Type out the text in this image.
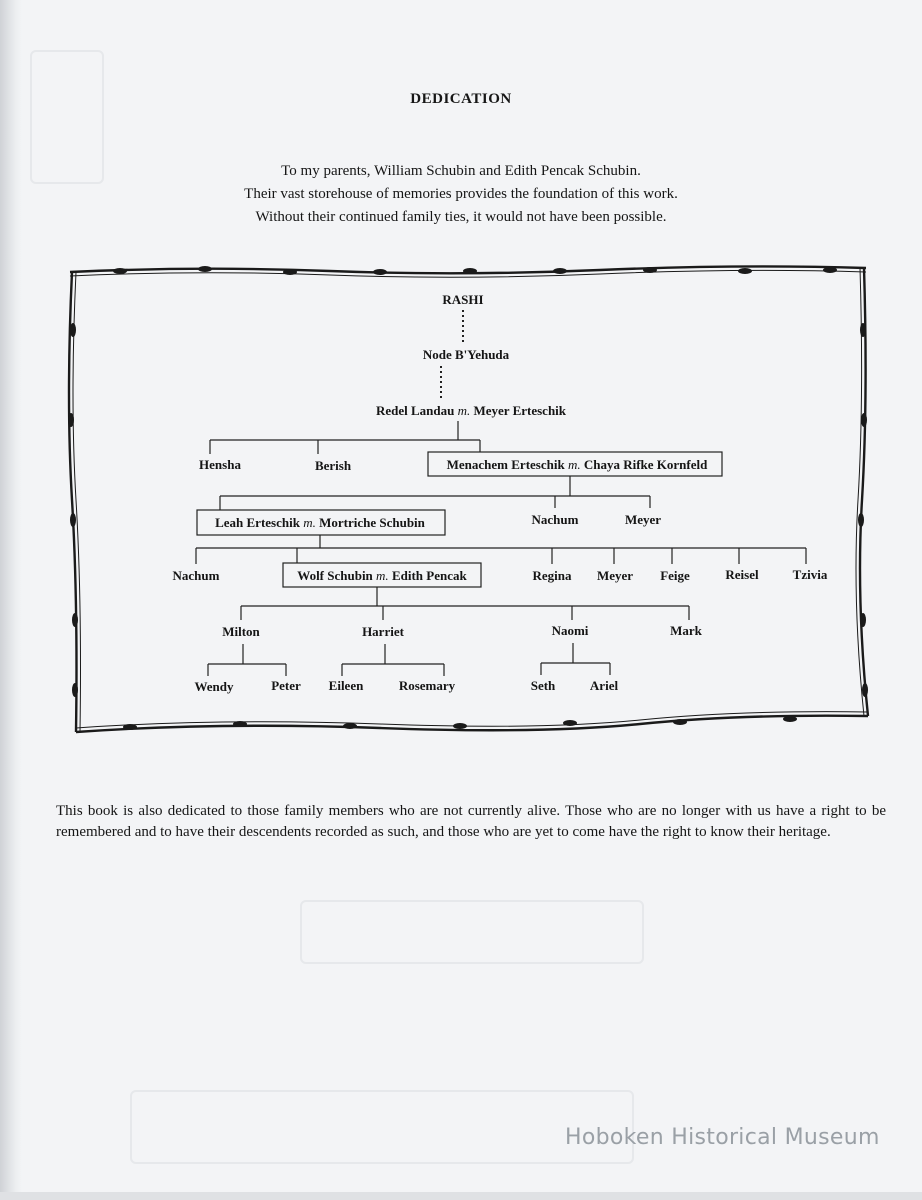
DEDICATION
To my parents, William Schubin and Edith Pencak Schubin.
Their vast storehouse of memories provides the foundation of this work.
Without their continued family ties, it would not have been possible.
RASHI
Node B'Yehuda
Redel Landau m. Meyer Erteschik
Hensha	Berish	Menachem Erteschik m. Chaya Rifke Kornfeld
Leah Erteschik m. Mortriche Schubin	Nachum	Meyer
Nachum	Wolf Schubin m. Edith Pencak	Regina Meyer Feige	Reisel	Tzivia
Milton	Harriet	Naomi	Mark
Wendy	Peter Eileen	Rosemary	Seth	Ariel
This book is also dedicated to those family members who are not currently alive. Those who are no longer with us have a right to be remembered and to have their descendents recorded as such, and those who are yet to come have the right to know their heritage.
Hoboken Historical Museum
